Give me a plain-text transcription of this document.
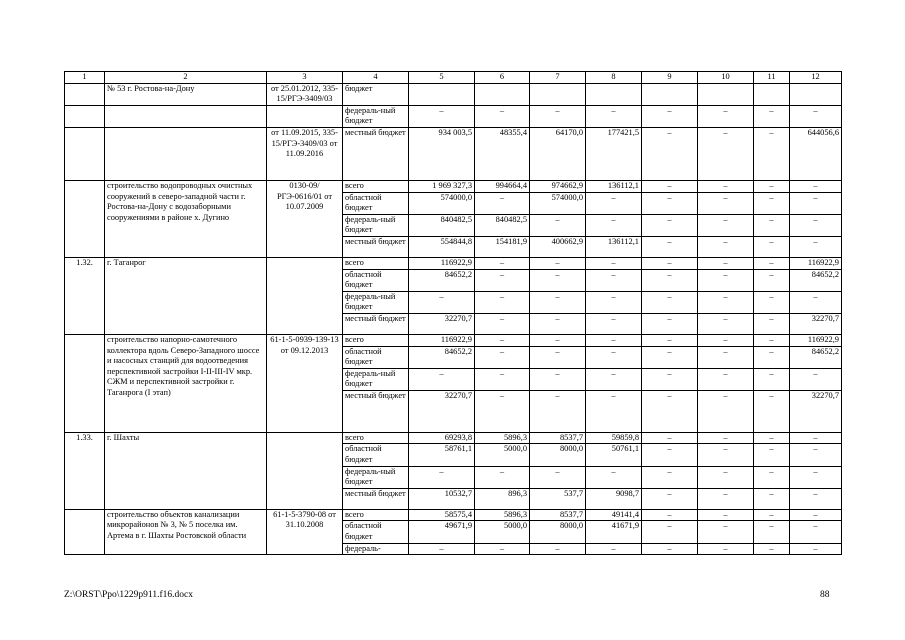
1	2	3	4	5	6	7	8	9	10	11	12
	№ 53 г. Ростова-на-Дону	от 25.01.2012, 335-15/РГЭ-3409/03	бюджет								
			федераль-ный бюджет	–	–	–	–	–	–	–	–
		от 11.09.2015, 335-15/РГЭ-3409/03 от 11.09.2016	местный бюджет	934 003,5	48355,4	64170,0	177421,5	–	–	–	644056,6
	строительство водопроводных очистных сооружений в северо-западной части г. Ростова-на-Дону с водозаборными сооружениями в районе х. Дугино	0130-09/РГЭ-0616/01 от 10.07.2009	всего	1 969 327,3	994664,4	974662,9	136112,1	–	–	–	–
			областной бюджет	574000,0	–	574000,0	–	–	–	–	–
			федераль-ный бюджет	840482,5	840482,5	–	–	–	–	–	–
			местный бюджет	554844,8	154181,9	400662,9	136112,1	–	–	–	–
1.32.	г. Таганрог		всего	116922,9	–	–	–	–	–	–	116922,9
			областной бюджет	84652,2	–	–	–	–	–	–	84652,2
			федераль-ный бюджет	–	–	–	–	–	–	–	–
			местный бюджет	32270,7	–	–	–	–	–	–	32270,7
	строительство напорно-самотечного коллектора вдоль Северо-Западного шоссе и насосных станций для водоотведения перспективной застройки I-II-III-IV мкр. СЖМ и перспективной застройки г. Таганрога (I этап)	61-1-5-0939-139-13 от 09.12.2013	всего	116922,9	–	–	–	–	–	–	116922,9
			областной бюджет	84652,2	–	–	–	–	–	–	84652,2
			федераль-ный бюджет	–	–	–	–	–	–	–	–
			местный бюджет	32270,7	–	–	–	–	–	–	32270,7
1.33.	г. Шахты		всего	69293,8	5896,3	8537,7	59859,8	–	–	–	–
			областной бюджет	58761,1	5000,0	8000,0	50761,1	–	–	–	–
			федераль-ный бюджет	–	–	–	–	–	–	–	–
			местный бюджет	10532,7	896,3	537,7	9098,7	–	–	–	–
	строительство объектов канализации микрорайонов № 3, № 5 поселка им. Артема в г. Шахты Ростовской области	61-1-5-3790-08 от 31.10.2008	всего	58575,4	5896,3	8537,7	49141,4	–	–	–	–
			областной бюджет	49671,9	5000,0	8000,0	41671,9	–	–	–	–
			федераль-	–	–	–	–	–	–	–	–
Z:\ORST\Ppo\1229p911.f16.docx	88
